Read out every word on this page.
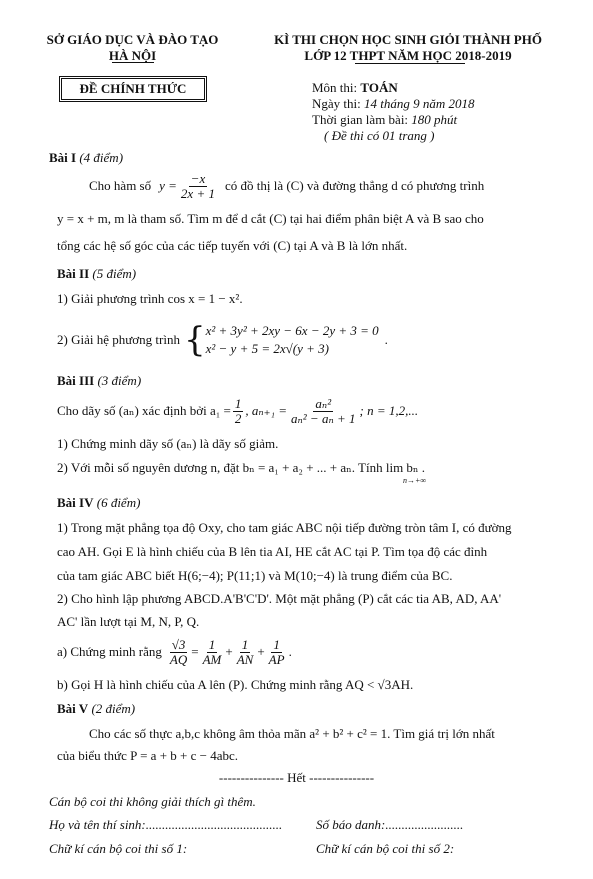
SỞ GIÁO DỤC VÀ ĐÀO TẠO
HÀ NỘI
ĐỀ CHÍNH THỨC
KÌ THI CHỌN HỌC SINH GIỎI THÀNH PHỐ
LỚP 12 THPT NĂM HỌC 2018-2019
Môn thi: TOÁN
Ngày thi: 14 tháng 9 năm 2018
Thời gian làm bài: 180 phút
( Đề thi có 01 trang )
Bài I (4 điểm)
Cho hàm số $y = \frac{-x}{2x + 1}$ có đồ thị là (C) và đường thẳng d có phương trình
y = x + m, m là tham số. Tìm m để d cắt (C) tại hai điểm phân biệt A và B sao cho
tổng các hệ số góc của các tiếp tuyến với (C) tại A và B là lớn nhất.
Bài II (5 điểm)
1) Giải phương trình cos x = 1 − x².
2) Giải hệ phương trình { x² + 3y² + 2xy − 6x − 2y + 3 = 0
x² − y + 5 = 2x√(y + 3)
.
Bài III (3 điểm)
Cho dãy số (aₙ) xác định bởi $a_1 = \frac{1}{2}$ , $a_{n+1} = \frac{\text{aₙ²}}{\text{aₙ² − aₙ + 1}}$ ; n = 1,2,...
1) Chứng minh dãy số (aₙ) là dãy số giảm.
2) Với mỗi số nguyên dương n, đặt bₙ = a₁ + a₂ + ... + aₙ. Tính lim bₙ .
n→+∞
Bài IV (6 điểm)
1) Trong mặt phẳng tọa độ Oxy, cho tam giác ABC nội tiếp đường tròn tâm I, có đường
cao AH. Gọi E là hình chiếu của B lên tia AI, HE cắt AC tại P. Tìm tọa độ các đỉnh
của tam giác ABC biết H(6;−4); P(11;1) và M(10;−4) là trung điểm của BC.
2) Cho hình lập phương ABCD.A'B'C'D'. Một mặt phẳng (P) cắt các tia AB, AD, AA'
AC' lần lượt tại M, N, P, Q.
a) Chứng minh rằng $\frac{√3}{AQ} = \frac{1}{AM} + \frac{1}{AN} + \frac{1}{AP}$ .
b) Gọi H là hình chiếu của A lên (P). Chứng minh rằng AQ < √3AH.
Bài V (2 điểm)
Cho các số thực a,b,c không âm thỏa mãn a² + b² + c² = 1. Tìm giá trị lớn nhất
của biểu thức P = a + b + c − 4abc.
--------------- Hết ---------------
Cán bộ coi thi không giải thích gì thêm.
Họ và tên thí sinh:..........................................	Số báo danh:........................
Chữ kí cán bộ coi thi số 1:	Chữ kí cán bộ coi thi số 2:
